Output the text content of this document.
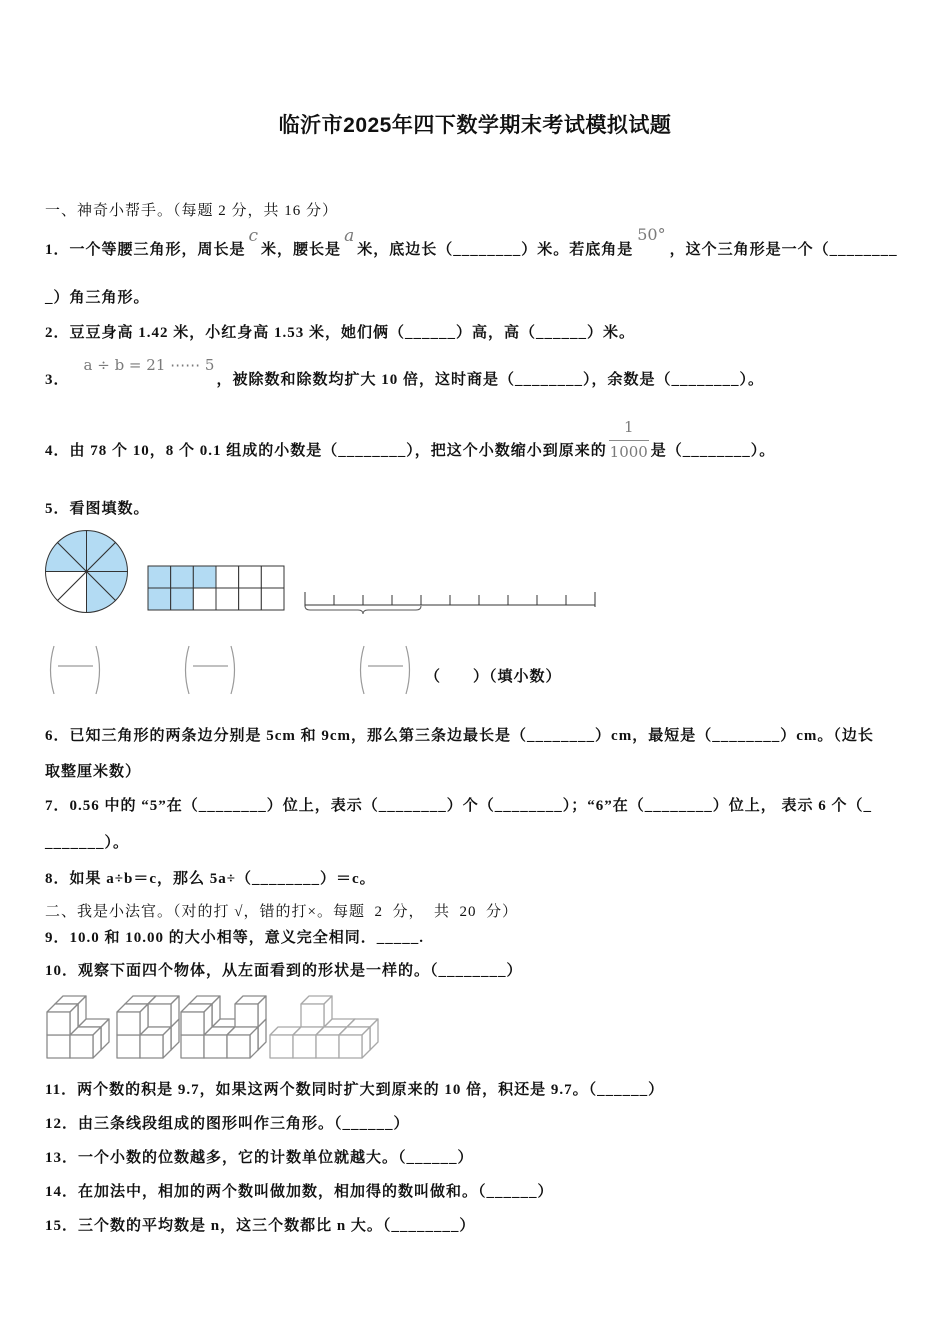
临沂市2025年四下数学期末考试模拟试题
一、神奇小帮手。（每题 2 分，共 16 分）
1．一个等腰三角形，周长是c米，腰长是a米，底边长（________）米。若底角是50°，这个三角形是一个（________
_）角三角形。
2．豆豆身高 1.42 米，小红身高 1.53 米，她们俩（______）高，高（______）米。
3．a ÷ b = 21 ⋯⋯ 5，被除数和除数均扩大 10 倍，这时商是（________），余数是（________）。
4．由 78 个 10，8 个 0.1 组成的小数是（________），把这个小数缩小到原来的 $\frac{1}{1000}$ 是（________）。
5．看图填数。
（　　）（填小数）
6．已知三角形的两条边分别是 5cm 和 9cm，那么第三条边最长是（________）cm，最短是（________）cm。（边长
取整厘米数）
7．0.56 中的 “5”在（________）位上，表示（________）个（________）；“6”在（________）位上， 表示 6 个（_
_______）。
8．如果 a÷b＝c，那么 5a÷（________）＝c。
二、我是小法官。（对的打 √，错的打×。每题  2  分，  共  20  分）
9．10.0 和 10.00 的大小相等，意义完全相同．_____.
10．观察下面四个物体，从左面看到的形状是一样的。（________）
11．两个数的积是 9.7，如果这两个数同时扩大到原来的 10 倍，积还是 9.7。（______）
12．由三条线段组成的图形叫作三角形。（______）
13．一个小数的位数越多，它的计数单位就越大。（______）
14．在加法中，相加的两个数叫做加数，相加得的数叫做和。（______）
15．三个数的平均数是 n，这三个数都比 n 大。（________）
